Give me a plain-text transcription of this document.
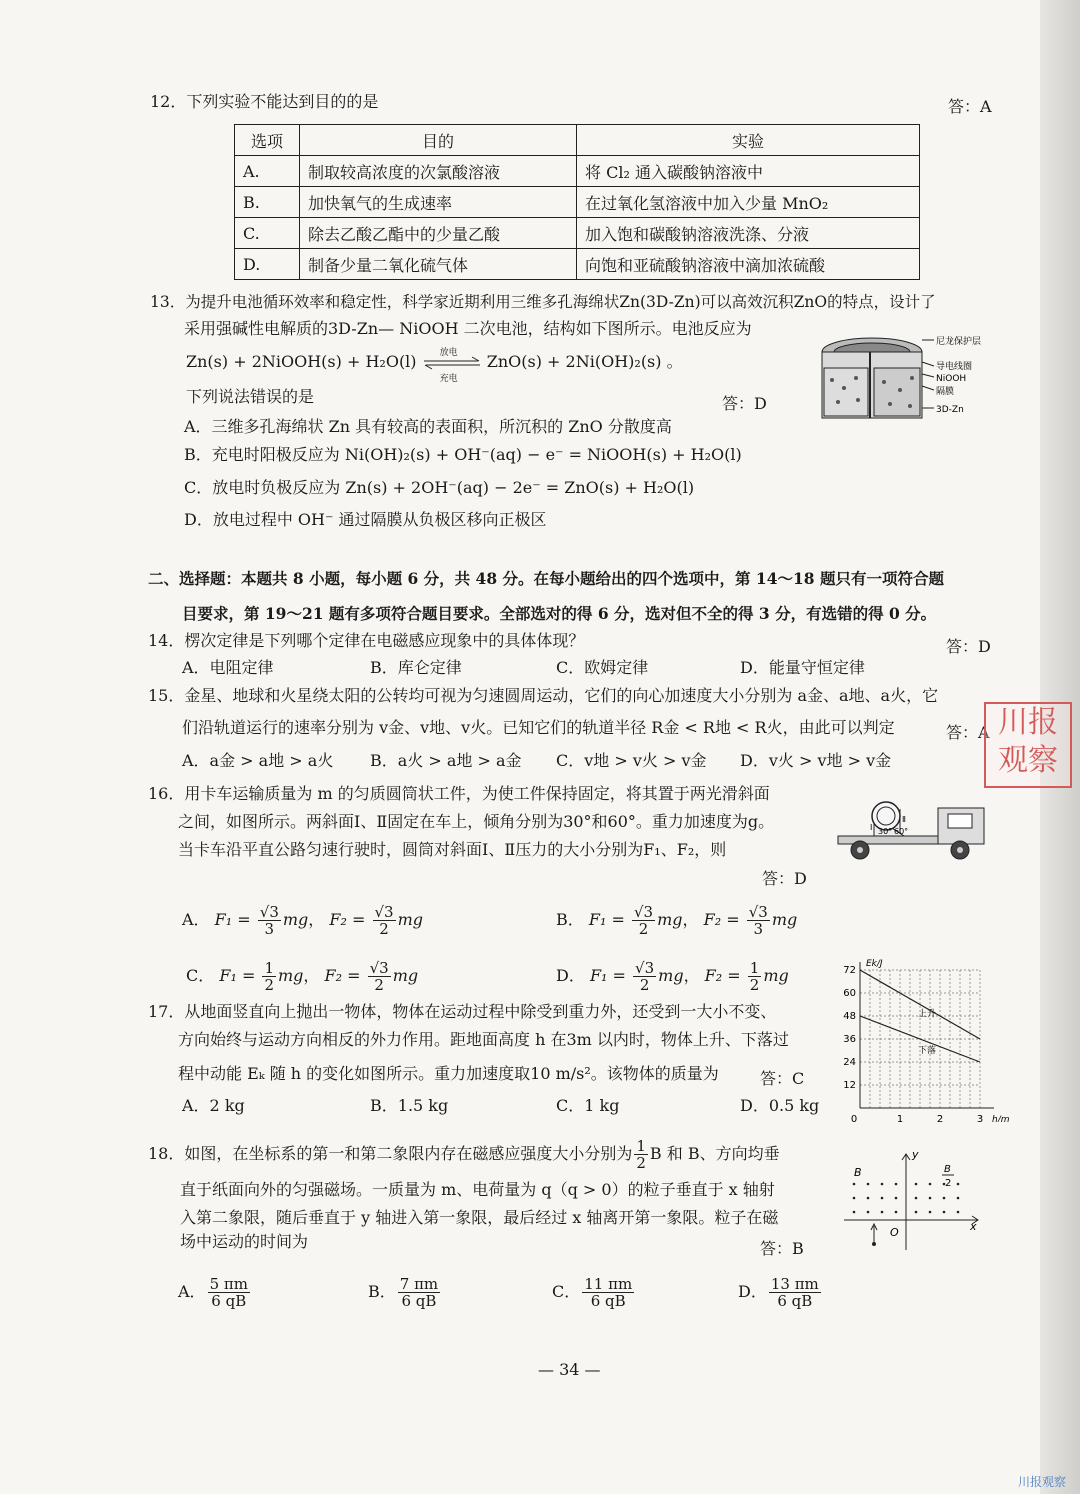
12．下列实验不能达到目的的是	答：A
选项	目的	实验
A.	制取较高浓度的次氯酸溶液	将 Cl₂ 通入碳酸钠溶液中
B.	加快氧气的生成速率	在过氧化氢溶液中加入少量 MnO₂
C.	除去乙酸乙酯中的少量乙酸	加入饱和碳酸钠溶液洗涤、分液
D.	制备少量二氧化硫气体	向饱和亚硫酸钠溶液中滴加浓硫酸
13．为提升电池循环效率和稳定性，科学家近期利用三维多孔海绵状Zn(3D-Zn)可以高效沉积ZnO的特点，设计了
采用强碱性电解质的3D-Zn— NiOOH 二次电池，结构如下图所示。电池反应为
Zn(s) + 2NiOOH(s) + H₂O(l)	放电
充电
ZnO(s) + 2Ni(OH)₂(s) 。
下列说法错误的是	答：D
A．三维多孔海绵状 Zn 具有较高的表面积，所沉积的 ZnO 分散度高
B．充电时阳极反应为 Ni(OH)₂(s) + OH⁻(aq) − e⁻ = NiOOH(s) + H₂O(l)
C．放电时负极反应为 Zn(s) + 2OH⁻(aq) − 2e⁻ = ZnO(s) + H₂O(l)
D．放电过程中 OH⁻ 通过隔膜从负极区移向正极区
尼龙保护层
导电线圈
NiOOH
隔膜
3D-Zn
二、选择题：本题共 8 小题，每小题 6 分，共 48 分。在每小题给出的四个选项中，第 14～18 题只有一项符合题
目要求，第 19～21 题有多项符合题目要求。全部选对的得 6 分，选对但不全的得 3 分，有选错的得 0 分。
14．楞次定律是下列哪个定律在电磁感应现象中的具体体现？	答：D
A．电阻定律	B．库仑定律	C．欧姆定律	D．能量守恒定律
15．金星、地球和火星绕太阳的公转均可视为匀速圆周运动，它们的向心加速度大小分别为 a金、a地、a火，它
们沿轨道运行的速率分别为 v金、v地、v火。已知它们的轨道半径 R金 < R地 < R火，由此可以判定	答：A
A．a金 > a地 > a火 B．a火 > a地 > a金 C．v地 > v火 > v金 D．v火 > v地 > v金
川报
观察
16．用卡车运输质量为 m 的匀质圆筒状工件，为使工件保持固定，将其置于两光滑斜面
之间，如图所示。两斜面Ⅰ、Ⅱ固定在车上，倾角分别为30°和60°。重力加速度为g。
当卡车沿平直公路匀速行驶时，圆筒对斜面Ⅰ、Ⅱ压力的大小分别为F₁、F₂，则
答：D
30° 60°
Ⅰ
Ⅱ
A． $F_1 = \frac{√3}{3}$ mg， $F_2 = \frac{√3}{2}$ mg	B． $F_1 = \frac{√3}{2}$ mg， $F_2 = \frac{√3}{3}$ mg
C． $F_1 = \frac{1}{2}$ mg， $F_2 = \frac{√3}{2}$ mg	D． $F_1 = \frac{√3}{2}$ mg， $F_2 = \frac{1}{2}$ mg
17．从地面竖直向上抛出一物体，物体在运动过程中除受到重力外，还受到一大小不变、
方向始终与运动方向相反的外力作用。距地面高度 h 在3m 以内时，物体上升、下落过
程中动能 Eₖ 随 h 的变化如图所示。重力加速度取10 m/s²。该物体的质量为	答：C
A．2 kg	B．1.5 kg	C．1 kg	D．0.5 kg
上升
下落
12
24
36
48
60
72
0	1	2	3
Ek/J
h/m
18．如图，在坐标系的第一和第二象限内存在磁感应强度大小分别为 $\frac{1}{2}$ B 和 B、方向均垂
直于纸面向外的匀强磁场。一质量为 m、电荷量为 q（q > 0）的粒子垂直于 x 轴射
入第二象限，随后垂直于 y 轴进入第一象限，最后经过 x 轴离开第一象限。粒子在磁
场中运动的时间为	答：B
B	B
2
y
x
O
A． $\frac{5 \pi m}{6 qB}$	B． $\frac{7 \pi m}{6 qB}$	C． $\frac{11 \pi m}{6 qB}$	D． $\frac{13 \pi m}{6 qB}$
— 34 —
川报观察
